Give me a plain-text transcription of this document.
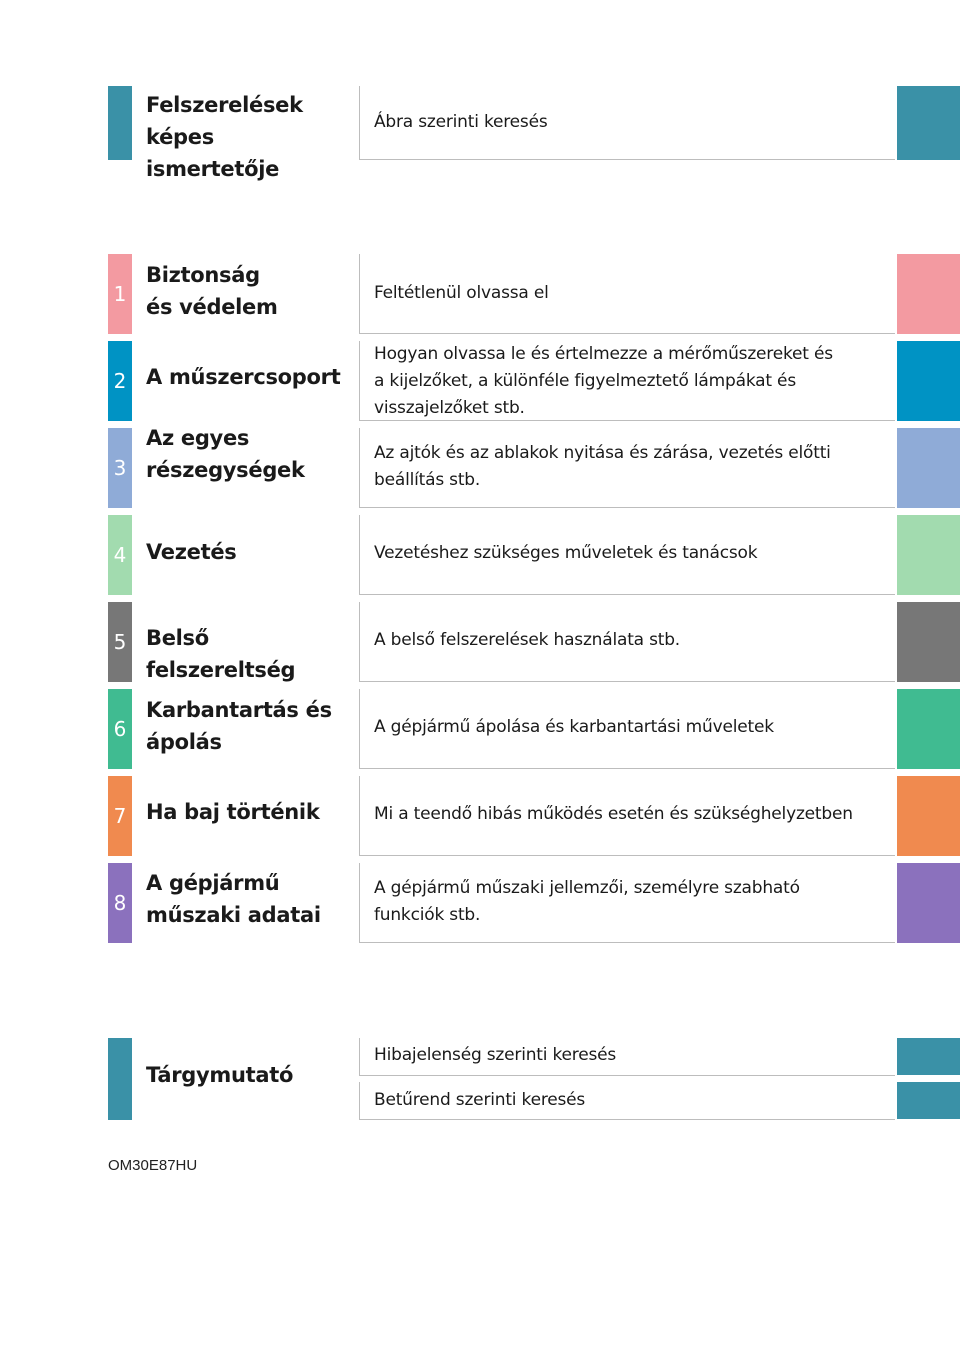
Felszerelések
képes ismertetője
Ábra szerinti keresés
1
Biztonság
és védelem
Feltétlenül olvassa el
2 A műszercsoport
Hogyan olvassa le és értelmezze a mérőműszereket és
a kijelzőket, a különféle figyelmeztető lámpákat és
visszajelzőket stb.
3
Az egyes
részegységek
Az ajtók és az ablakok nyitása és zárása, vezetés előtti
beállítás stb.
4 Vezetés	Vezetéshez szükséges műveletek és tanácsok
5 Belső felszereltség
A belső felszerelések használata stb.
6
Karbantartás és
ápolás
A gépjármű ápolása és karbantartási műveletek
7 Ha baj történik	Mi a teendő hibás működés esetén és szükséghelyzetben
8
A gépjármű
műszaki adatai
A gépjármű műszaki jellemzői, személyre szabható
funkciók stb.
Tárgymutató
Hibajelenség szerinti keresés
Betűrend szerinti keresés
OM30E87HU
